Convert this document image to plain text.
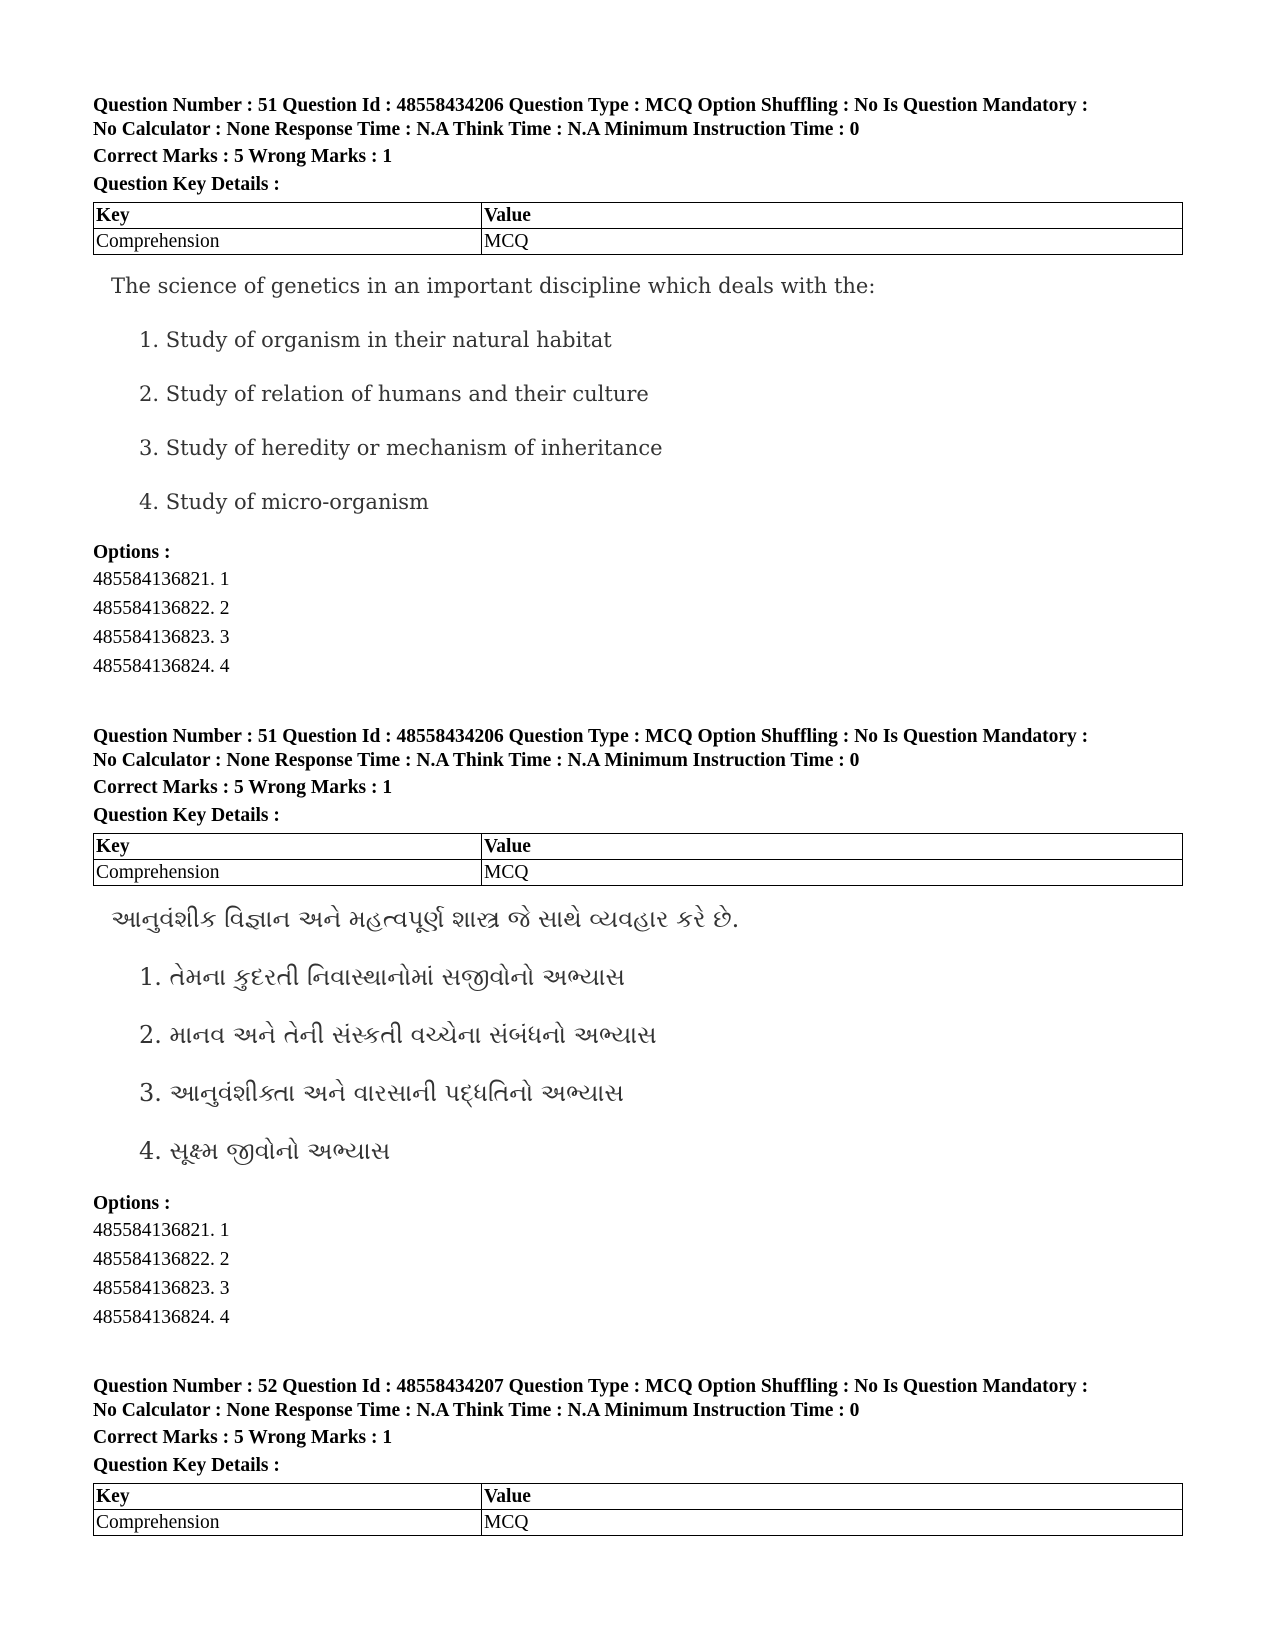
Question Number : 51 Question Id : 48558434206 Question Type : MCQ Option Shuffling : No Is Question Mandatory :
No Calculator : None Response Time : N.A Think Time : N.A Minimum Instruction Time : 0
Correct Marks : 5 Wrong Marks : 1
Question Key Details :
Key	Value
Comprehension	MCQ
The science of genetics in an important discipline which deals with the:
1. Study of organism in their natural habitat
2. Study of relation of humans and their culture
3. Study of heredity or mechanism of inheritance
4. Study of micro-organism
Options :
485584136821. 1
485584136822. 2
485584136823. 3
485584136824. 4
Question Number : 51 Question Id : 48558434206 Question Type : MCQ Option Shuffling : No Is Question Mandatory :
No Calculator : None Response Time : N.A Think Time : N.A Minimum Instruction Time : 0
Correct Marks : 5 Wrong Marks : 1
Question Key Details :
Key	Value
Comprehension	MCQ
આનુવંશીક વિજ્ઞાન અને મહત્વપૂર્ણ શાસ્ત્ર જે સાથે વ્યવહાર કરે છે.
1. તેમના કુદરતી નિવાસ્થાનોમાં સજીવોનો અભ્યાસ
2. માનવ અને તેની સંસ્કતી વચ્ચેના સંબંધનો અભ્યાસ
3. આનુવંશીક્તા અને વારસાની પદ્ધતિનો અભ્યાસ
4. સૂક્ષ્મ જીવોનો અભ્યાસ
Options :
485584136821. 1
485584136822. 2
485584136823. 3
485584136824. 4
Question Number : 52 Question Id : 48558434207 Question Type : MCQ Option Shuffling : No Is Question Mandatory :
No Calculator : None Response Time : N.A Think Time : N.A Minimum Instruction Time : 0
Correct Marks : 5 Wrong Marks : 1
Question Key Details :
Key	Value
Comprehension	MCQ
